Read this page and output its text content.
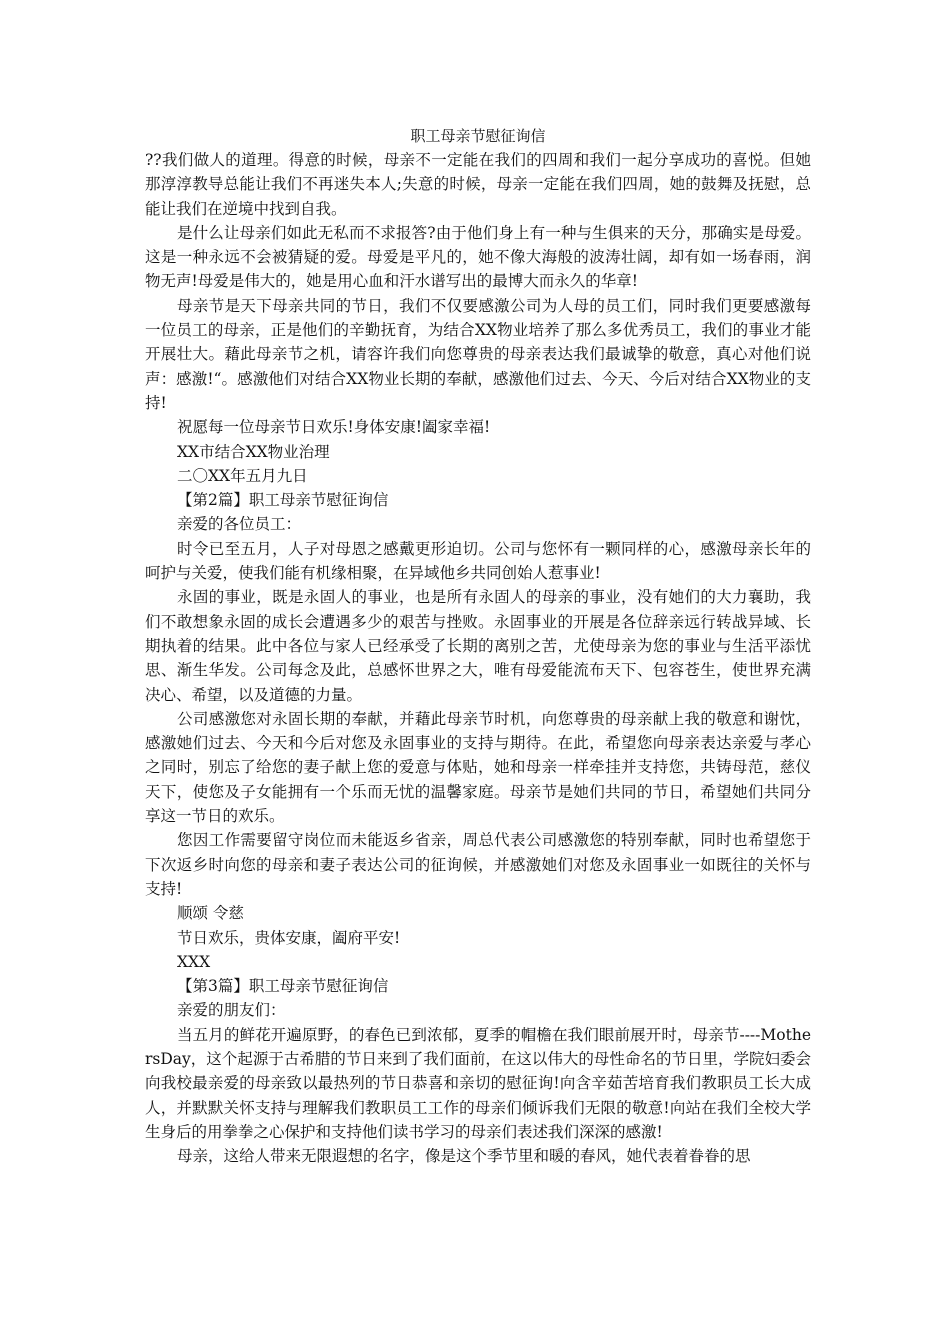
职工母亲节慰征询信

??我们做人的道理。得意的时候，母亲不一定能在我们的四周和我们一起分享成功的喜悦。但她那淳淳教导总能让我们不再迷失本人;失意的时候，母亲一定能在我们四周，她的鼓舞及抚慰，总能让我们在逆境中找到自我。

是什么让母亲们如此无私而不求报答?由于他们身上有一种与生俱来的天分，那确实是母爱。这是一种永远不会被猜疑的爱。母爱是平凡的，她不像大海般的波涛壮阔，却有如一场春雨，润物无声!母爱是伟大的，她是用心血和汗水谱写出的最博大而永久的华章!

母亲节是天下母亲共同的节日，我们不仅要感激公司为人母的员工们，同时我们更要感激每一位员工的母亲，正是他们的辛勤抚育，为结合XX物业培养了那么多优秀员工，我们的事业才能开展壮大。藉此母亲节之机，请容许我们向您尊贵的母亲表达我们最诚挚的敬意，真心对他们说声：感激!“。感激他们对结合XX物业长期的奉献，感激他们过去、今天、今后对结合XX物业的支持!

祝愿每一位母亲节日欢乐!身体安康!阖家幸福!

XX市结合XX物业治理

二〇XX年五月九日

【第2篇】职工母亲节慰征询信

亲爱的各位员工：

时令已至五月，人子对母恩之感戴更形迫切。公司与您怀有一颗同样的心，感激母亲长年的呵护与关爱，使我们能有机缘相聚，在异域他乡共同创始人惹事业!

永固的事业，既是永固人的事业，也是所有永固人的母亲的事业，没有她们的大力襄助，我们不敢想象永固的成长会遭遇多少的艰苦与挫败。永固事业的开展是各位辞亲远行转战异域、长期执着的结果。此中各位与家人已经承受了长期的离别之苦，尤使母亲为您的事业与生活平添忧思、渐生华发。公司每念及此，总感怀世界之大，唯有母爱能流布天下、包容苍生，使世界充满决心、希望，以及道德的力量。

公司感激您对永固长期的奉献，并藉此母亲节时机，向您尊贵的母亲献上我的敬意和谢忱，感激她们过去、今天和今后对您及永固事业的支持与期待。在此，希望您向母亲表达亲爱与孝心之同时，别忘了给您的妻子献上您的爱意与体贴，她和母亲一样牵挂并支持您，共铸母范，慈仪天下，使您及子女能拥有一个乐而无忧的温馨家庭。母亲节是她们共同的节日，希望她们共同分享这一节日的欢乐。

您因工作需要留守岗位而未能返乡省亲，周总代表公司感激您的特别奉献，同时也希望您于下次返乡时向您的母亲和妻子表达公司的征询候，并感激她们对您及永固事业一如既往的关怀与支持!

顺颂 令慈

节日欢乐，贵体安康，阖府平安!

XXX

【第3篇】职工母亲节慰征询信

亲爱的朋友们：

当五月的鲜花开遍原野，的春色已到浓郁，夏季的帽檐在我们眼前展开时，母亲节----MothersDay，这个起源于古希腊的节日来到了我们面前，在这以伟大的母性命名的节日里，学院妇委会向我校最亲爱的母亲致以最热列的节日恭喜和亲切的慰征询!向含辛茹苦培育我们教职员工长大成人，并默默关怀支持与理解我们教职员工工作的母亲们倾诉我们无限的敬意!向站在我们全校大学生身后的用拳拳之心保护和支持他们读书学习的母亲们表述我们深深的感激!

母亲，这给人带来无限遐想的名字，像是这个季节里和暖的春风，她代表着眷眷的思
